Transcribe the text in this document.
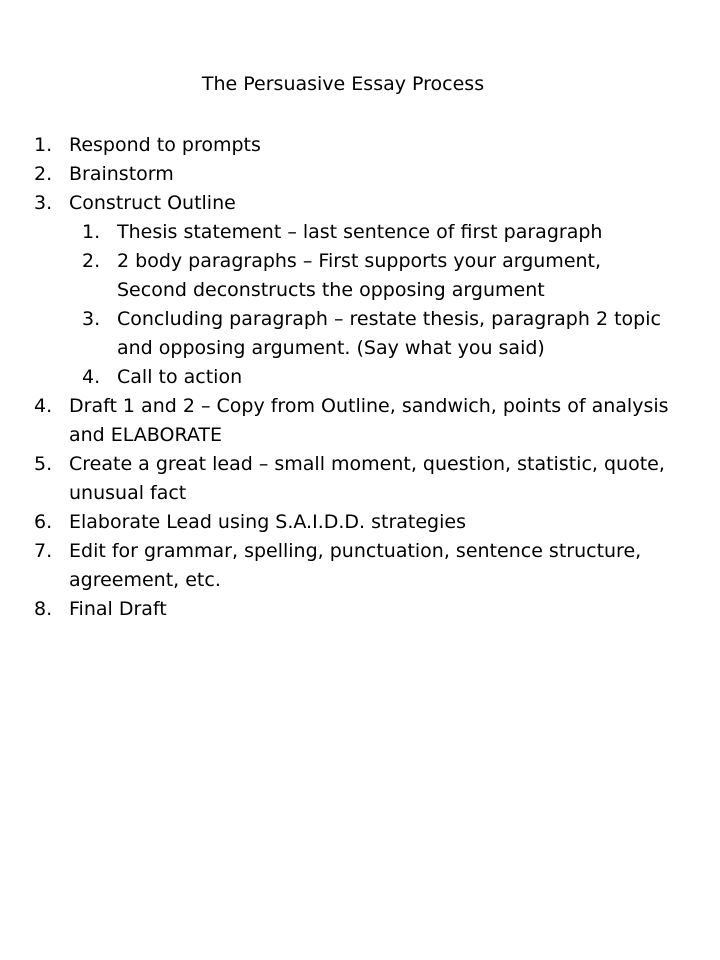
The Persuasive Essay Process
1. Respond to prompts
2. Brainstorm
3. Construct Outline
1. Thesis statement – last sentence of first paragraph
2. 2 body paragraphs – First supports your argument,
Second deconstructs the opposing argument
3. Concluding paragraph – restate thesis, paragraph 2 topic
and opposing argument. (Say what you said)
4. Call to action
4. Draft 1 and 2 – Copy from Outline, sandwich, points of analysis
and ELABORATE
5. Create a great lead – small moment, question, statistic, quote,
unusual fact
6. Elaborate Lead using S.A.I.D.D. strategies
7. Edit for grammar, spelling, punctuation, sentence structure,
agreement, etc.
8. Final Draft
